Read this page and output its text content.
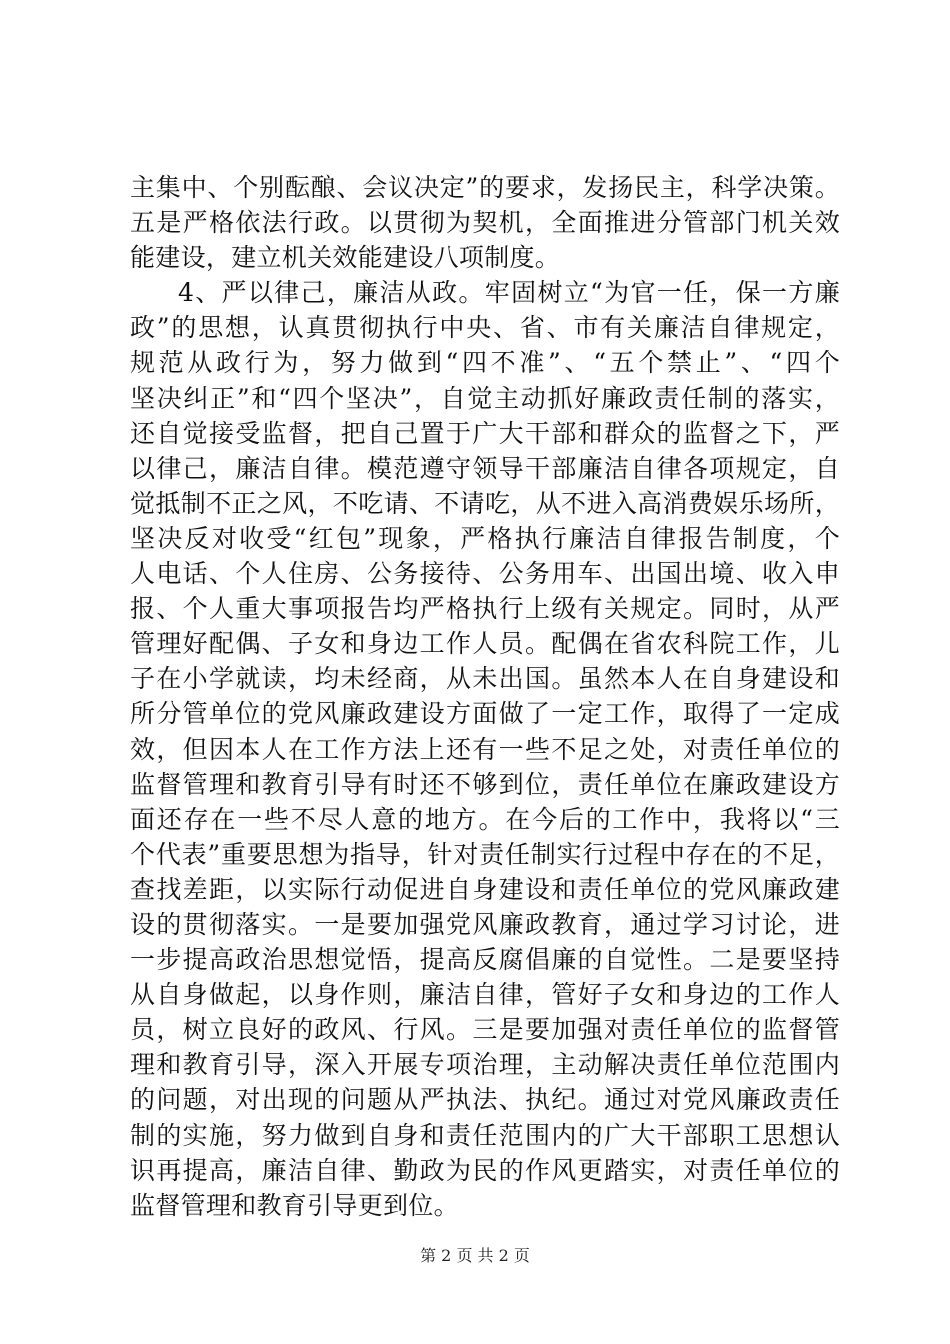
主集中、个别酝酿、会议决定”的要求，发扬民主，科学决策。
五是严格依法行政。以贯彻为契机，全面推进分管部门机关效
能建设，建立机关效能建设八项制度。
4、严以律己，廉洁从政。牢固树立“为官一任，保一方廉
政”的思想，认真贯彻执行中央、省、市有关廉洁自律规定，
规范从政行为，努力做到“四不准”、“五个禁止”、“四个
坚决纠正”和“四个坚决”，自觉主动抓好廉政责任制的落实，
还自觉接受监督，把自己置于广大干部和群众的监督之下，严
以律己，廉洁自律。模范遵守领导干部廉洁自律各项规定，自
觉抵制不正之风，不吃请、不请吃，从不进入高消费娱乐场所，
坚决反对收受“红包”现象，严格执行廉洁自律报告制度，个
人电话、个人住房、公务接待、公务用车、出国出境、收入申
报、个人重大事项报告均严格执行上级有关规定。同时，从严
管理好配偶、子女和身边工作人员。配偶在省农科院工作，儿
子在小学就读，均未经商，从未出国。虽然本人在自身建设和
所分管单位的党风廉政建设方面做了一定工作，取得了一定成
效，但因本人在工作方法上还有一些不足之处，对责任单位的
监督管理和教育引导有时还不够到位，责任单位在廉政建设方
面还存在一些不尽人意的地方。在今后的工作中，我将以“三
个代表”重要思想为指导，针对责任制实行过程中存在的不足，
查找差距，以实际行动促进自身建设和责任单位的党风廉政建
设的贯彻落实。一是要加强党风廉政教育，通过学习讨论，进
一步提高政治思想觉悟，提高反腐倡廉的自觉性。二是要坚持
从自身做起，以身作则，廉洁自律，管好子女和身边的工作人
员，树立良好的政风、行风。三是要加强对责任单位的监督管
理和教育引导，深入开展专项治理，主动解决责任单位范围内
的问题，对出现的问题从严执法、执纪。通过对党风廉政责任
制的实施，努力做到自身和责任范围内的广大干部职工思想认
识再提高，廉洁自律、勤政为民的作风更踏实，对责任单位的
监督管理和教育引导更到位。
第 2 页 共 2 页
